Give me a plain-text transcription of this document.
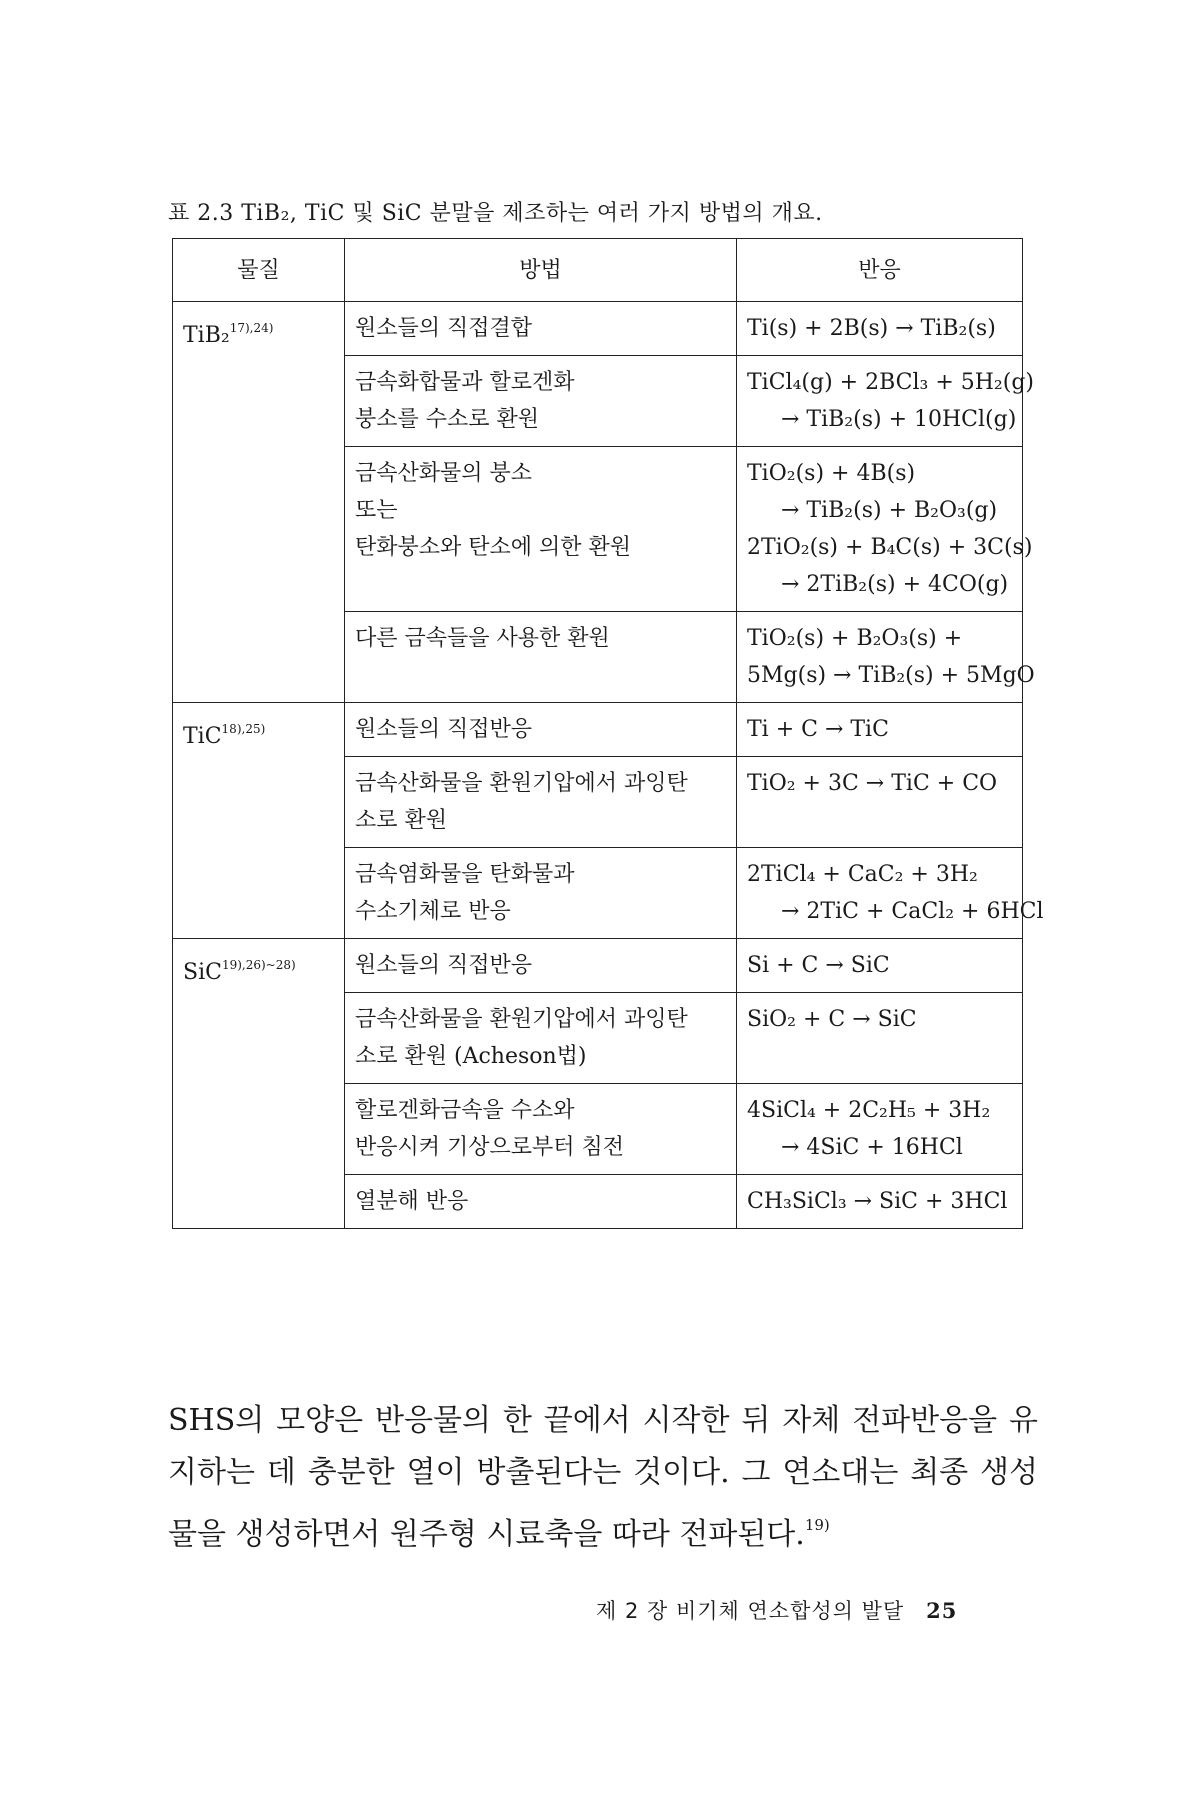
표 2.3 TiB₂, TiC 및 SiC 분말을 제조하는 여러 가지 방법의 개요.
물질	방법	반응
TiB₂$^{17),24)}$	원소들의 직접결합	Ti(s) + 2B(s) → TiB₂(s)

	금속화합물과 할로겐화
붕소를 수소로 환원	TiCl₄(g) + 2BCl₃ + 5H₂(g)
→ TiB₂(s) + 10HCl(g)

	금속산화물의 붕소
또는
탄화붕소와 탄소에 의한 환원	TiO₂(s) + 4B(s)
→ TiB₂(s) + B₂O₃(g)
2TiO₂(s) + B₄C(s) + 3C(s)
→ 2TiB₂(s) + 4CO(g)

	다른 금속들을 사용한 환원	TiO₂(s) + B₂O₃(s) +
5Mg(s) → TiB₂(s) + 5MgO

TiC$^{18),25)}$	원소들의 직접반응	Ti + C → TiC

	금속산화물을 환원기압에서 과잉탄
소로 환원	TiO₂ + 3C → TiC + CO

	금속염화물을 탄화물과
수소기체로 반응	2TiCl₄ + CaC₂ + 3H₂
→ 2TiC + CaCl₂ + 6HCl

SiC$^{19),26)\sim 28)}$	원소들의 직접반응	Si + C → SiC

	금속산화물을 환원기압에서 과잉탄
소로 환원 (Acheson법)	SiO₂ + C → SiC

	할로겐화금속을 수소와
반응시켜 기상으로부터 침전	4SiCl₄ + 2C₂H₅ + 3H₂
→ 4SiC + 16HCl

	열분해 반응	CH₃SiCl₃ → SiC + 3HCl
SHS의 모양은 반응물의 한 끝에서 시작한 뒤 자체 전파반응을 유지하는 데 충분한 열이 방출된다는 것이다. 그 연소대는 최종 생성물을 생성하면서 원주형 시료축을 따라 전파된다.$^{19)}$
제 2 장 비기체 연소합성의 발달 25
